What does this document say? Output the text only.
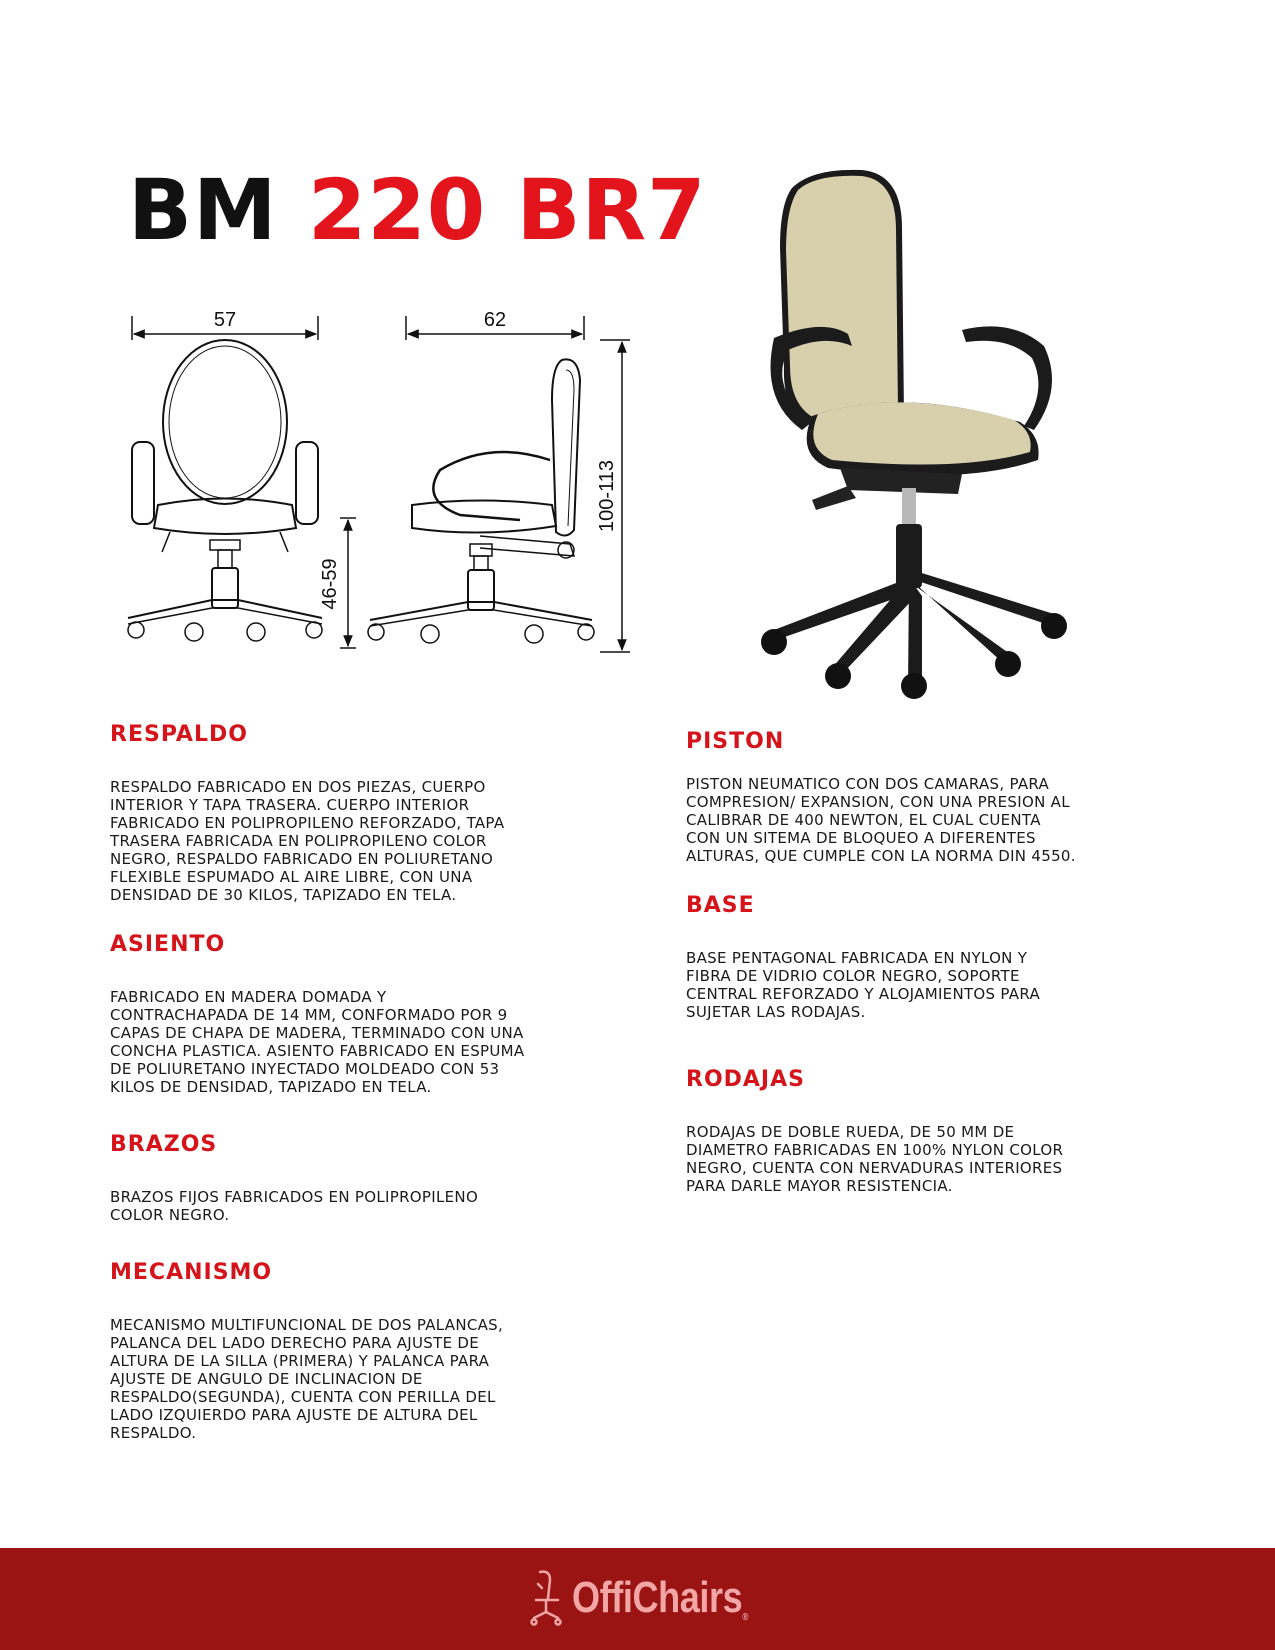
BM 220 BR7
57	62
46-59
100-113
RESPALDO

RESPALDO FABRICADO EN DOS PIEZAS, CUERPO
INTERIOR Y TAPA TRASERA. CUERPO INTERIOR
FABRICADO EN POLIPROPILENO REFORZADO, TAPA
TRASERA FABRICADA EN POLIPROPILENO COLOR
NEGRO, RESPALDO FABRICADO EN POLIURETANO
FLEXIBLE ESPUMADO AL AIRE LIBRE, CON UNA
DENSIDAD DE 30 KILOS, TAPIZADO EN TELA.

ASIENTO

FABRICADO EN MADERA DOMADA Y
CONTRACHAPADA DE 14 MM, CONFORMADO POR 9
CAPAS DE CHAPA DE MADERA, TERMINADO CON UNA
CONCHA PLASTICA. ASIENTO FABRICADO EN ESPUMA
DE POLIURETANO INYECTADO MOLDEADO CON 53
KILOS DE DENSIDAD, TAPIZADO EN TELA.

BRAZOS

BRAZOS FIJOS FABRICADOS EN POLIPROPILENO
COLOR NEGRO.

MECANISMO

MECANISMO MULTIFUNCIONAL DE DOS PALANCAS,
PALANCA DEL LADO DERECHO PARA AJUSTE DE
ALTURA DE LA SILLA (PRIMERA) Y PALANCA PARA
AJUSTE DE ANGULO DE INCLINACION DE
RESPALDO(SEGUNDA), CUENTA CON PERILLA DEL
LADO IZQUIERDO PARA AJUSTE DE ALTURA DEL
RESPALDO.

PISTON

PISTON NEUMATICO CON DOS CAMARAS, PARA
COMPRESION/ EXPANSION, CON UNA PRESION AL
CALIBRAR DE 400 NEWTON, EL CUAL CUENTA
CON UN SITEMA DE BLOQUEO A DIFERENTES
ALTURAS, QUE CUMPLE CON LA NORMA DIN 4550.

BASE

BASE PENTAGONAL FABRICADA EN NYLON Y
FIBRA DE VIDRIO COLOR NEGRO, SOPORTE
CENTRAL REFORZADO Y ALOJAMIENTOS PARA
SUJETAR LAS RODAJAS.

RODAJAS

RODAJAS DE DOBLE RUEDA, DE 50 MM DE
DIAMETRO FABRICADAS EN 100% NYLON COLOR
NEGRO, CUENTA CON NERVADURAS INTERIORES
PARA DARLE MAYOR RESISTENCIA.

OffiChairs®
